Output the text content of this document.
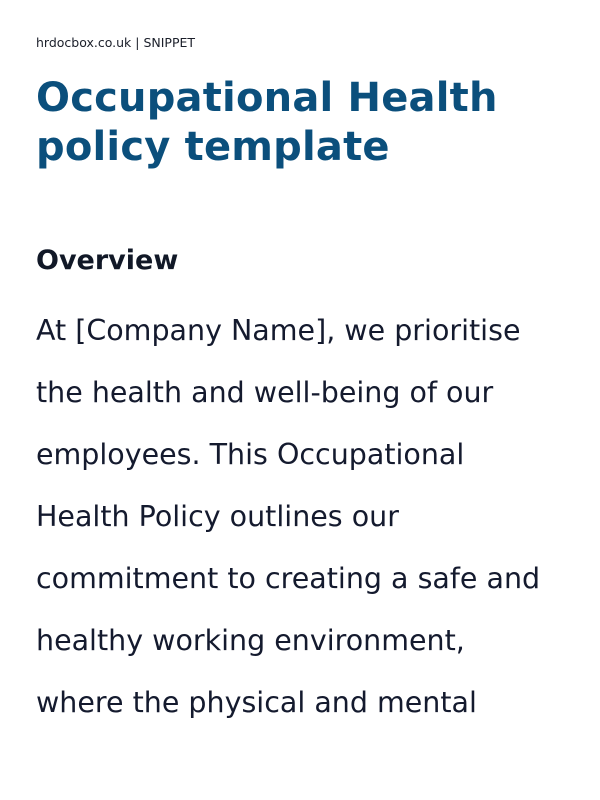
hrdocbox.co.uk | SNIPPET
Occupational Health
policy template
Overview

At [Company Name], we prioritise
the health and well-being of our
employees. This Occupational
Health Policy outlines our
commitment to creating a safe and
healthy working environment,
where the physical and mental
